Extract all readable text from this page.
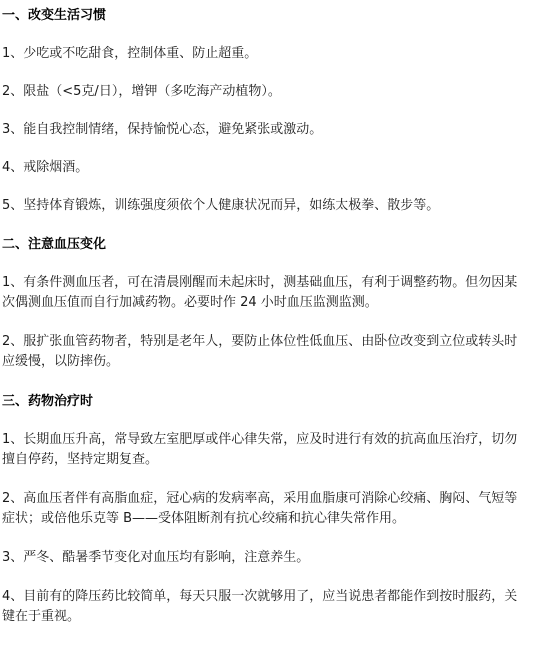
一、改变生活习惯
1、少吃或不吃甜食，控制体重、防止超重。
2、限盐（<5克/日），增钾（多吃海产动植物）。
3、能自我控制情绪，保持愉悦心态，避免紧张或激动。
4、戒除烟酒。
5、坚持体育锻炼，训练强度须依个人健康状况而异，如练太极拳、散步等。
二、注意血压变化
1、有条件测血压者，可在清晨刚醒而未起床时，测基础血压，有利于调整药物。但勿因某
次偶测血压值而自行加减药物。必要时作 24 小时血压监测监测。
2、服扩张血管药物者，特别是老年人，要防止体位性低血压、由卧位改变到立位或转头时
应缓慢，以防摔伤。
三、药物治疗时
1、长期血压升高，常导致左室肥厚或伴心律失常，应及时进行有效的抗高血压治疗，切勿
擅自停药，坚持定期复查。
2、高血压者伴有高脂血症，冠心病的发病率高，采用血脂康可消除心绞痛、胸闷、气短等
症状；或倍他乐克等 B——受体阻断剂有抗心绞痛和抗心律失常作用。
3、严冬、酷暑季节变化对血压均有影响，注意养生。
4、目前有的降压药比较简单，每天只服一次就够用了，应当说患者都能作到按时服药，关
键在于重视。
